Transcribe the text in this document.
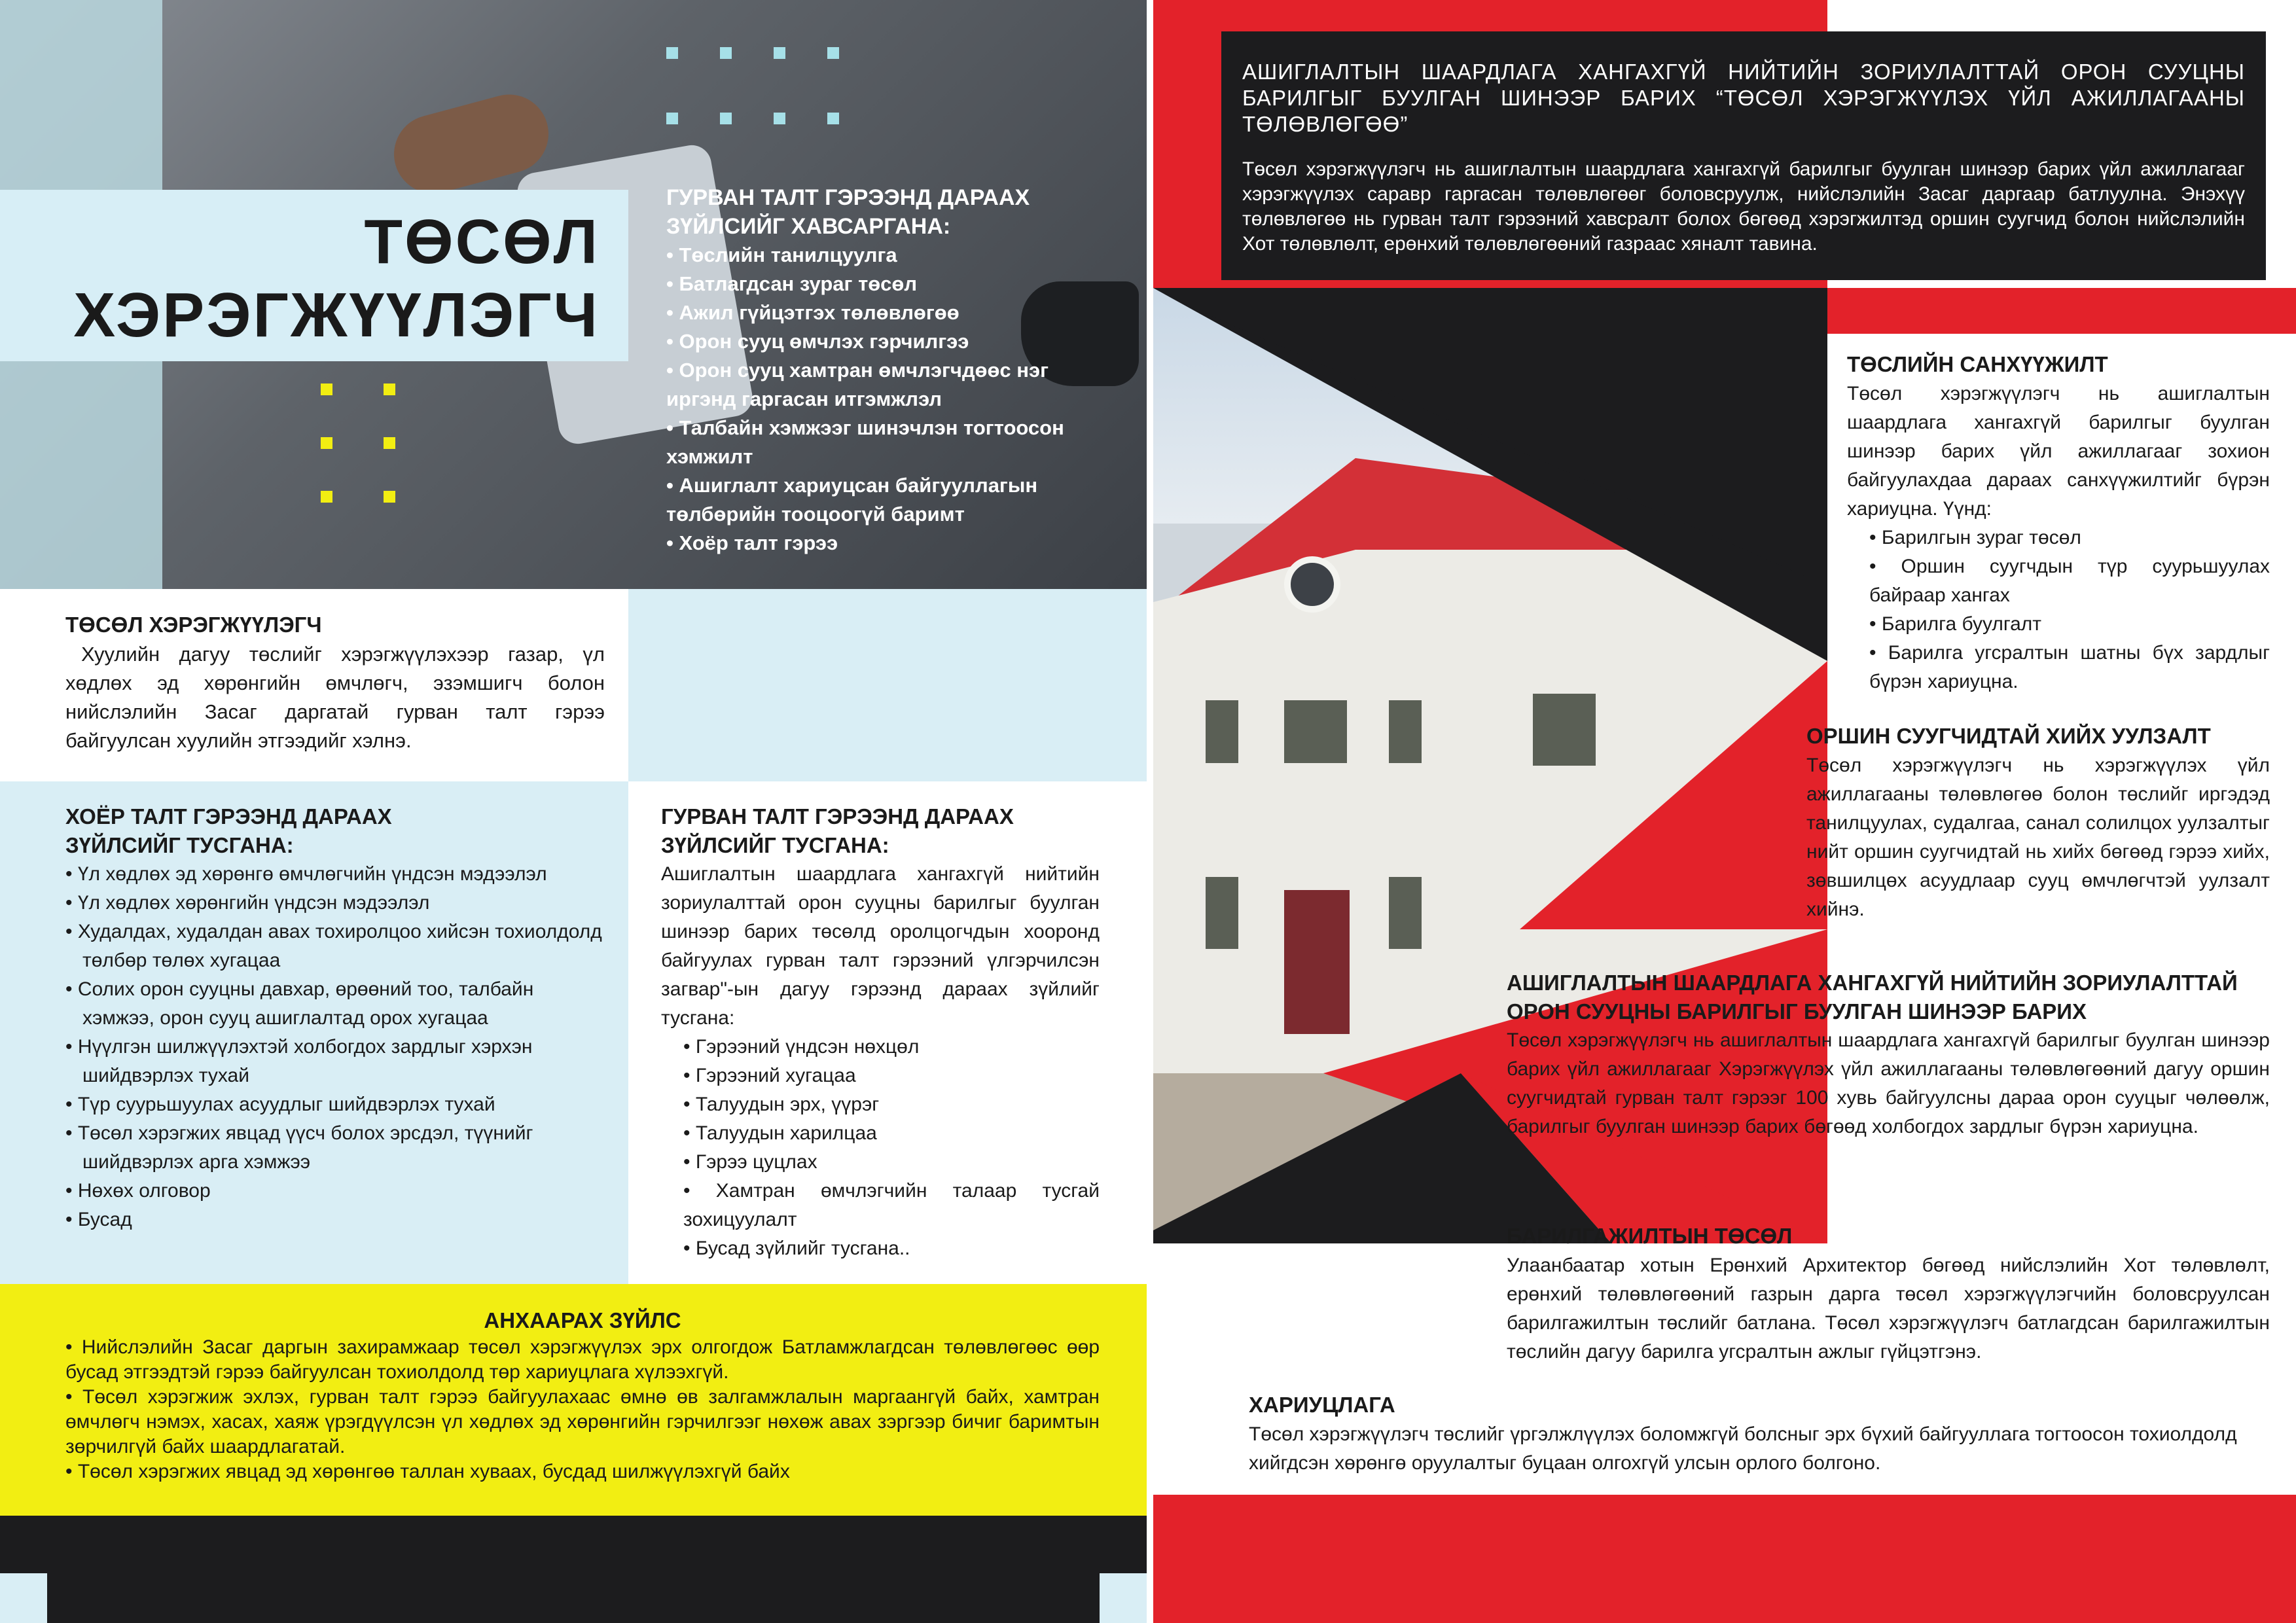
ТӨСӨЛ
ХЭРЭГЖҮҮЛЭГЧ
ГУРВАН ТАЛТ ГЭРЭЭНД ДАРААХ
ЗҮЙЛСИЙГ ХАВСАРГАНА:
• Төслийн танилцуулга
• Батлагдсан зураг төсөл
• Ажил гүйцэтгэх төлөвлөгөө
• Орон сууц өмчлэх гэрчилгээ
• Орон сууц хамтран өмчлэгчдөөс нэг иргэнд гаргасан итгэмжлэл
• Талбайн хэмжээг шинэчлэн тогтоосон хэмжилт
• Ашиглалт хариуцсан байгууллагын төлбөрийн тооцоогүй баримт
• Хоёр талт гэрээ
ТӨСӨЛ ХЭРЭГЖҮҮЛЭГЧ
Хуулийн дагуу төслийг хэрэгжүүлэхээр газар, үл хөдлөх эд хөрөнгийн өмчлөгч, эзэмшигч болон нийслэлийн Засаг даргатай гурван талт гэрээ байгуулсан хуулийн этгээдийг хэлнэ.
ХОЁР ТАЛТ ГЭРЭЭНД ДАРААХ
ЗҮЙЛСИЙГ ТУСГАНА:
• Үл хөдлөх эд хөрөнгө өмчлөгчийн үндсэн мэдээлэл
• Үл хөдлөх хөрөнгийн үндсэн мэдээлэл
• Худалдах, худалдан авах тохиролцоо хийсэн тохиолдолд төлбөр төлөх хугацаа
• Солих орон сууцны давхар, өрөөний тоо, талбайн хэмжээ, орон сууц ашиглалтад орох хугацаа
• Нүүлгэн шилжүүлэхтэй холбогдох зардлыг хэрхэн шийдвэрлэх тухай
• Түр суурьшуулах асуудлыг шийдвэрлэх тухай
• Төсөл хэрэгжих явцад үүсч болох эрсдэл, түүнийг шийдвэрлэх арга хэмжээ
• Нөхөх олговор
• Бусад
ГУРВАН ТАЛТ ГЭРЭЭНД ДАРААХ
ЗҮЙЛСИЙГ ТУСГАНА:
Ашиглалтын шаардлага хангахгүй нийтийн зориулалттай орон сууцны барилгыг буулган шинээр барих төсөлд оролцогчдын хооронд байгуулах гурван талт гэрээний үлгэрчилсэн загвар"-ын дагуу гэрээнд дараах зүйлийг тусгана:
• Гэрээний үндсэн нөхцөл
• Гэрээний хугацаа
• Талуудын эрх, үүрэг
• Талуудын харилцаа
• Гэрээ цуцлах
• Хамтран өмчлэгчийн талаар тусгай зохицуулалт
• Бусад зүйлийг тусгана..
АНХААРАХ ЗҮЙЛС
• Нийслэлийн Засаг даргын захирамжаар төсөл хэрэгжүүлэх эрх олгогдож Батламжлагдсан төлөвлөгөөс өөр бусад этгээдтэй гэрээ байгуулсан тохиолдолд төр хариуцлага хүлээхгүй.
• Төсөл хэрэгжиж эхлэх, гурван талт гэрээ байгуулахаас өмнө өв залгамжлалын маргаангүй байх, хамтран өмчлөгч нэмэх, хасах, хаяж үрэгдүүлсэн үл хөдлөх эд хөрөнгийн гэрчилгээг нөхөж авах зэргээр бичиг баримтын зөрчилгүй байх шаардлагатай.
• Төсөл хэрэгжих явцад эд хөрөнгөө таллан хуваах, бусдад шилжүүлэхгүй байх
АШИГЛАЛТЫН ШААРДЛАГА ХАНГАХГҮЙ НИЙТИЙН ЗОРИУЛАЛТТАЙ ОРОН СУУЦНЫ БАРИЛГЫГ БУУЛГАН ШИНЭЭР БАРИХ “ТӨСӨЛ ХЭРЭГЖҮҮЛЭХ ҮЙЛ АЖИЛЛАГААНЫ ТӨЛӨВЛӨГӨӨ”
Төсөл хэрэгжүүлэгч нь ашиглалтын шаардлага хангахгүй барилгыг буулган шинээр барих үйл ажиллагааг хэрэгжүүлэх саравр гаргасан төлөвлөгөөг боловсруулж, нийслэлийн Засаг даргаар батлуулна. Энэхүү төлөвлөгөө нь гурван талт гэрээний хавсралт болох бөгөөд хэрэгжилтэд оршин суугчид болон нийслэлийн Хот төлөвлөлт, ерөнхий төлөвлөгөөний газраас хяналт тавина.
ТӨСЛИЙН САНХҮҮЖИЛТ
Төсөл хэрэгжүүлэгч нь ашиглалтын шаардлага хангахгүй барилгыг буулган шинээр барих үйл ажиллагааг зохион байгуулахдаа дараах санхүүжилтийг бүрэн хариуцна. Үүнд:
• Барилгын зураг төсөл
• Оршин суугчдын түр суурьшуулах байраар хангах
• Барилга буулгалт
• Барилга угсралтын шатны бүх зардлыг бүрэн хариуцна.
ОРШИН СУУГЧИДТАЙ ХИЙХ УУЛЗАЛТ
Төсөл хэрэгжүүлэгч нь хэрэгжүүлэх үйл ажиллагааны төлөвлөгөө болон төслийг иргэдэд танилцуулах, судалгаа, санал солилцох уулзалтыг нийт оршин суугчидтай нь хийх бөгөөд гэрээ хийх, зөвшилцөх асуудлаар сууц өмчлөгчтэй уулзалт хийнэ.
АШИГЛАЛТЫН ШААРДЛАГА ХАНГАХГҮЙ НИЙТИЙН ЗОРИУЛАЛТТАЙ ОРОН СУУЦНЫ БАРИЛГЫГ БУУЛГАН ШИНЭЭР БАРИХ
Төсөл хэрэгжүүлэгч нь ашиглалтын шаардлага хангахгүй барилгыг буулган шинээр барих үйл ажиллагааг Хэрэгжүүлэх үйл ажиллагааны төлөвлөгөөний дагуу оршин суугчидтай гурван талт гэрээг 100 хувь байгуулсны дараа орон сууцыг чөлөөлж, барилгыг буулган шинээр барих бөгөөд холбогдох зардлыг бүрэн хариуцна.
БАРИЛГАЖИЛТЫН ТӨСӨЛ
Улаанбаатар хотын Ерөнхий Архитектор бөгөөд нийслэлийн Хот төлөвлөлт, ерөнхий төлөвлөгөөний газрын дарга төсөл хэрэгжүүлэгчийн боловсруулсан барилгажилтын төслийг батлана. Төсөл хэрэгжүүлэгч батлагдсан барилгажилтын төслийн дагуу барилга угсралтын ажлыг гүйцэтгэнэ.
ХАРИУЦЛАГА
Төсөл хэрэгжүүлэгч төслийг үргэлжлүүлэх боломжгүй болсныг эрх бүхий байгууллага тогтоосон тохиолдолд хийгдсэн хөрөнгө оруулалтыг буцаан олгохгүй улсын орлого болгоно.
